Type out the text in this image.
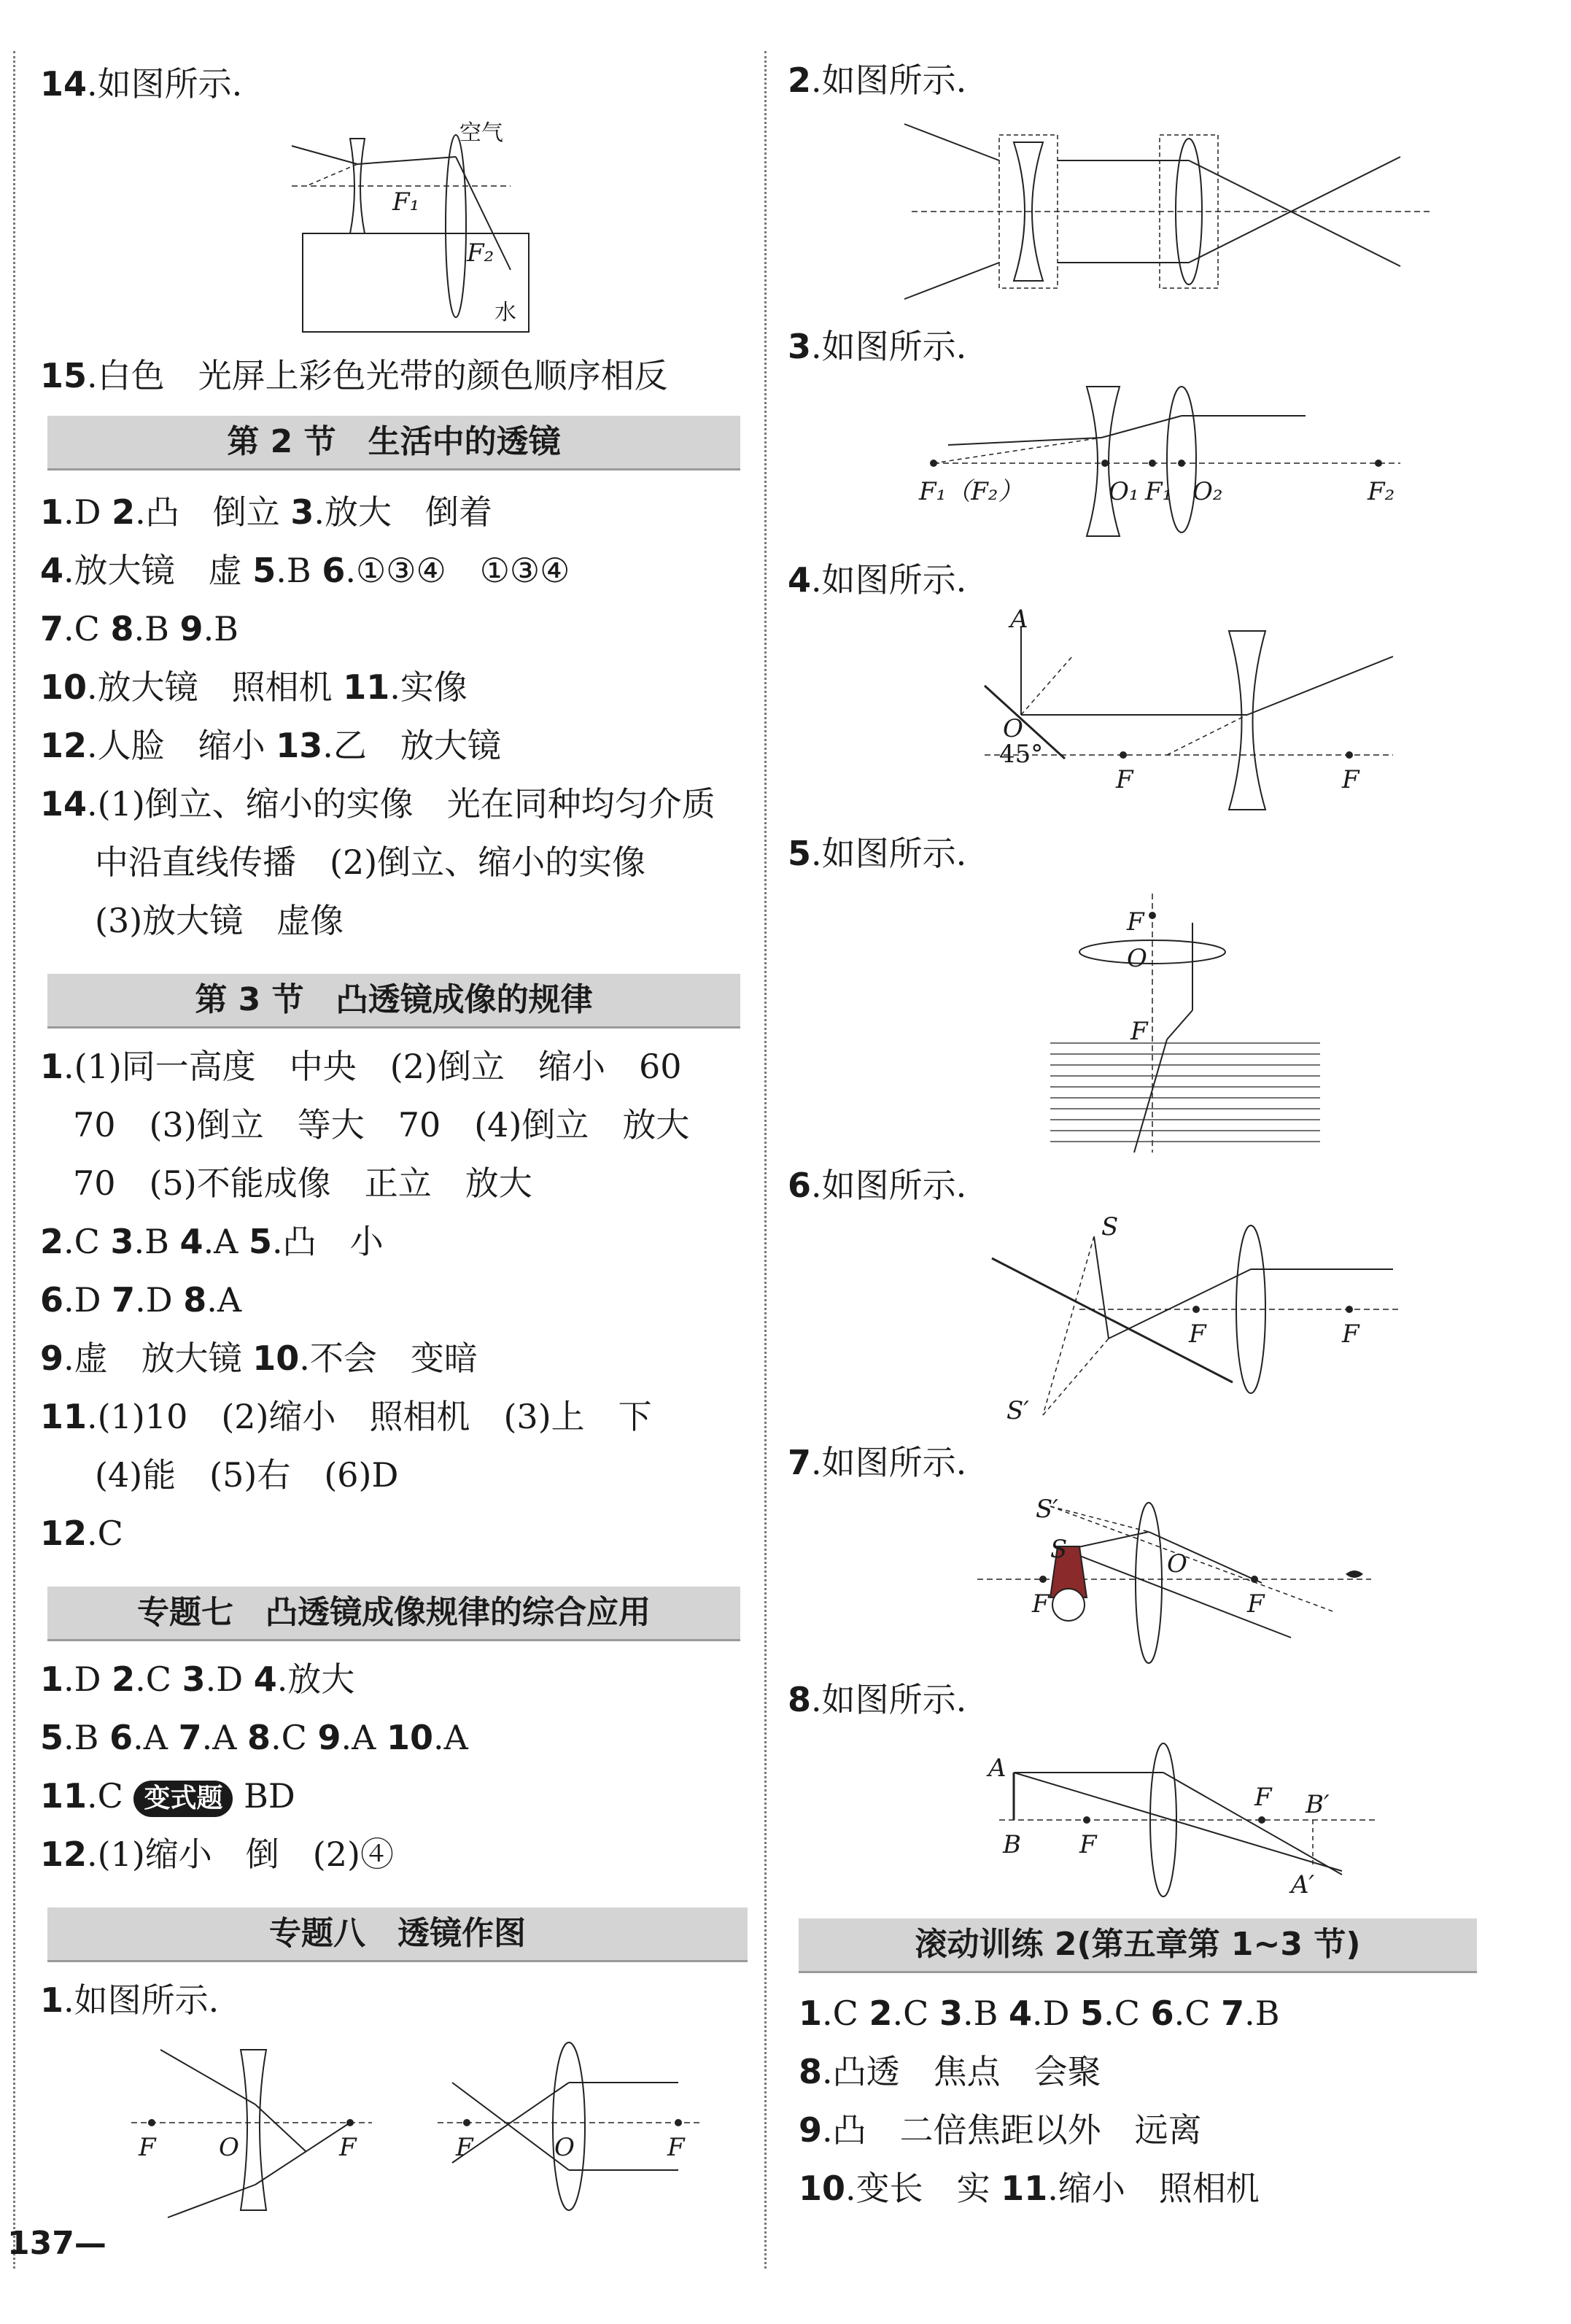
14.如图所示.
空气
F₁
F₂
水
15.白色　光屏上彩色光带的颜色顺序相反
第 2 节　生活中的透镜
1.D 2.凸　倒立 3.放大　倒着
4.放大镜　虚 5.B 6.①③④　①③④
7.C 8.B 9.B
10.放大镜　照相机 11.实像
12.人脸　缩小 13.乙　放大镜
14.(1)倒立、缩小的实像　光在同种均匀介质
中沿直线传播　(2)倒立、缩小的实像
(3)放大镜　虚像
第 3 节　凸透镜成像的规律
1.(1)同一高度　中央　(2)倒立　缩小　60
70　(3)倒立　等大　70　(4)倒立　放大
70　(5)不能成像　正立　放大
2.C 3.B 4.A 5.凸　小
6.D 7.D 8.A
9.虚　放大镜 10.不会　变暗
11.(1)10　(2)缩小　照相机　(3)上　下
(4)能　(5)右　(6)D
12.C
专题七　凸透镜成像规律的综合应用
1.D 2.C 3.D 4.放大
5.B 6.A 7.A 8.C 9.A 10.A
11.C 变式题 BD
12.(1)缩小　倒　(2)④
专题八　透镜作图
1.如图所示.
F	O	F	F	O	F
137—
2.如图所示.
3.如图所示.
F₁（F₂）	O₁ F₁ O₂	F₂
4.如图所示.
A
O
45°
F	F
5.如图所示.
F
O
F
6.如图所示.
S
S′
F	F
7.如图所示.
S′
S
F
O
F
8.如图所示.
A
B F
F B′
A′
滚动训练 2(第五章第 1~3 节)
1.C 2.C 3.B 4.D 5.C 6.C 7.B
8.凸透　焦点　会聚
9.凸　二倍焦距以外　远离
10.变长　实 11.缩小　照相机
